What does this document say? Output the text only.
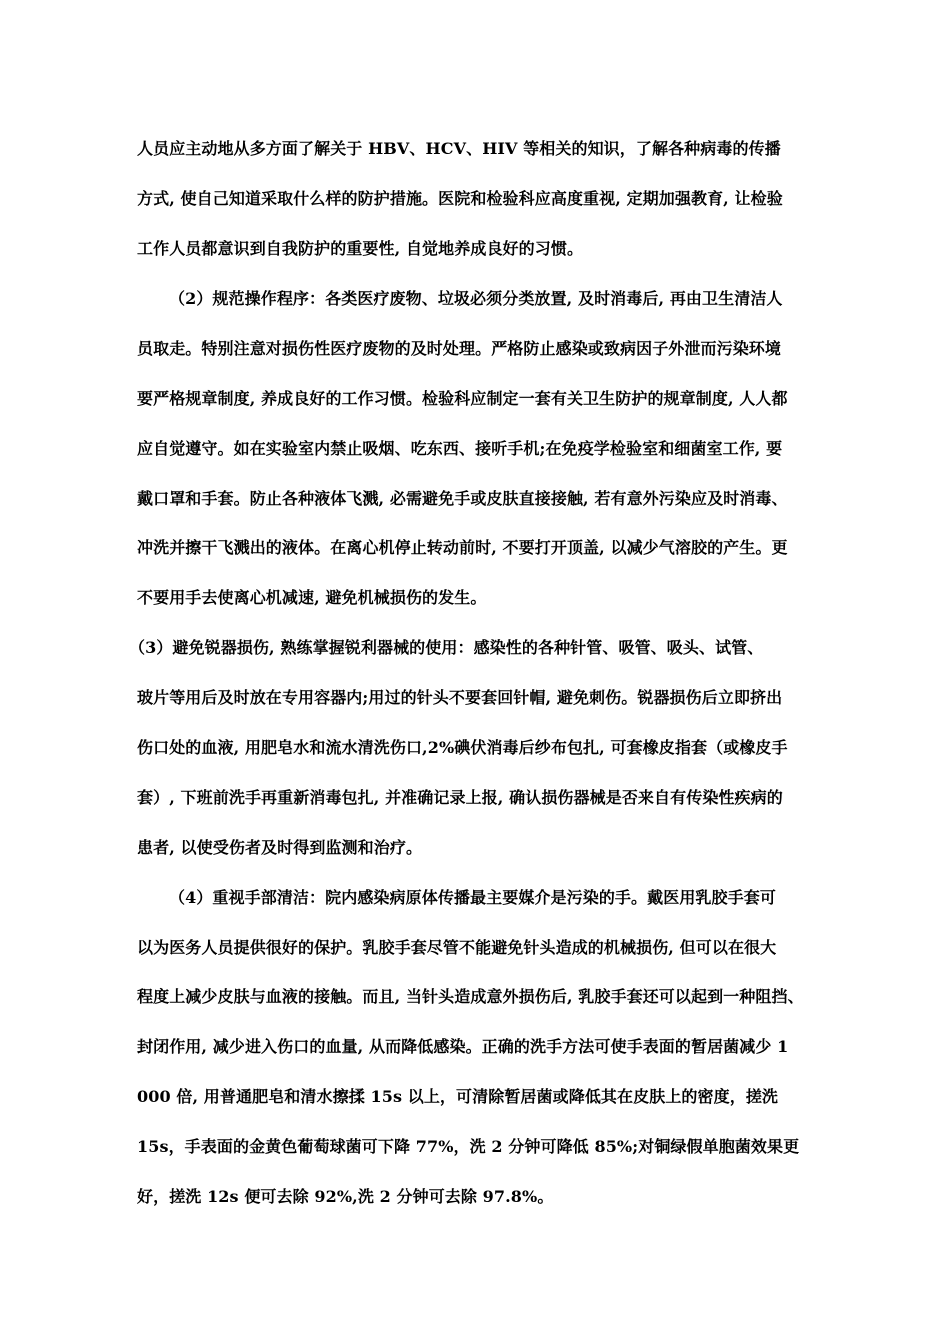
人员应主动地从多方面了解关于 HBV、HCV、HIV 等相关的知识，了解各种病毒的传播

方式, 使自己知道采取什么样的防护措施。医院和检验科应高度重视, 定期加强教育, 让检验

工作人员都意识到自我防护的重要性, 自觉地养成良好的习惯。

（2）规范操作程序：各类医疗废物、垃圾必须分类放置, 及时消毒后, 再由卫生清洁人

员取走。特别注意对损伤性医疗废物的及时处理。严格防止感染或致病因子外泄而污染环境

要严格规章制度, 养成良好的工作习惯。检验科应制定一套有关卫生防护的规章制度, 人人都

应自觉遵守。如在实验室内禁止吸烟、吃东西、接听手机;在免疫学检验室和细菌室工作, 要

戴口罩和手套。防止各种液体飞溅, 必需避免手或皮肤直接接触, 若有意外污染应及时消毒、

冲洗并擦干飞溅出的液体。在离心机停止转动前时, 不要打开顶盖, 以减少气溶胶的产生。更

不要用手去使离心机减速, 避免机械损伤的发生。

（3）避免锐器损伤, 熟练掌握锐利器械的使用：感染性的各种针管、吸管、吸头、试管、

玻片等用后及时放在专用容器内;用过的针头不要套回针帽, 避免刺伤。锐器损伤后立即挤出

伤口处的血液, 用肥皂水和流水清洗伤口,2%碘伏消毒后纱布包扎, 可套橡皮指套（或橡皮手

套）, 下班前洗手再重新消毒包扎, 并准确记录上报, 确认损伤器械是否来自有传染性疾病的

患者, 以使受伤者及时得到监测和治疗。

（4）重视手部清洁：院内感染病原体传播最主要媒介是污染的手。戴医用乳胶手套可

以为医务人员提供很好的保护。乳胶手套尽管不能避免针头造成的机械损伤, 但可以在很大

程度上减少皮肤与血液的接触。而且, 当针头造成意外损伤后, 乳胶手套还可以起到一种阻挡、

封闭作用, 减少进入伤口的血量, 从而降低感染。正确的洗手方法可使手表面的暂居菌减少 1

000 倍, 用普通肥皂和清水擦揉 15s 以上，可清除暂居菌或降低其在皮肤上的密度，搓洗

15s，手表面的金黄色葡萄球菌可下降 77%，洗 2 分钟可降低 85%;对铜绿假单胞菌效果更

好，搓洗 12s 便可去除 92%,洗 2 分钟可去除 97.8%。
